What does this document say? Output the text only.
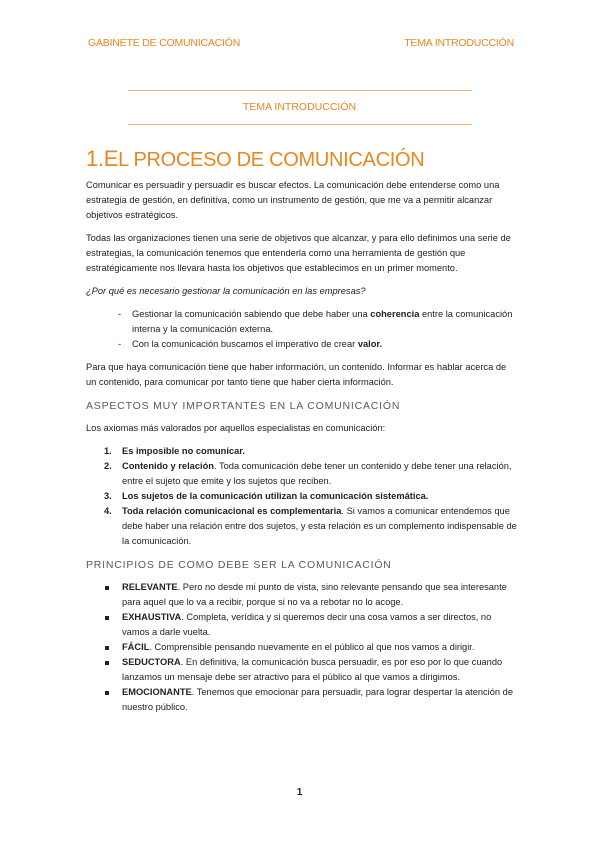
GABINETE DE COMUNICACIÓN	TEMA INTRODUCCIÓN
TEMA INTRODUCCIÓN
1.EL PROCESO DE COMUNICACIÓN

Comunicar es persuadir y persuadir es buscar efectos. La comunicación debe entenderse como una estrategia de gestión, en definitiva, como un instrumento de gestión, que me va a permitir alcanzar objetivos estratégicos.

Todas las organizaciones tienen una serie de objetivos que alcanzar, y para ello definimos una serie de estrategias, la comunicación tenemos que entenderla como una herramienta de gestión que estratégicamente nos llevara hasta los objetivos que establecimos en un primer momento.

¿Por qué es necesario gestionar la comunicación en las empresas?

- Gestionar la comunicación sabiendo que debe haber una coherencia entre la comunicación interna y la comunicación externa.
- Con la comunicación buscamos el imperativo de crear valor.

Para que haya comunicación tiene que haber información, un contenido. Informar es hablar acerca de un contenido, para comunicar por tanto tiene que haber cierta información.

ASPECTOS MUY IMPORTANTES EN LA COMUNICACIÓN

Los axiomas más valorados por aquellos especialistas en comunicación:

1. Es imposible no comunicar.
2. Contenido y relación. Toda comunicación debe tener un contenido y debe tener una relación, entre el sujeto que emite y los sujetos que reciben.
3. Los sujetos de la comunicación utilizan la comunicación sistemática.
4. Toda relación comunicacional es complementaria. Si vamos a comunicar entendemos que debe haber una relación entre dos sujetos, y esta relación es un complemento indispensable de la comunicación.
PRINCIPIOS DE COMO DEBE SER LA COMUNICACIÓN
RELEVANTE. Pero no desde mi punto de vista, sino relevante pensando que sea interesante para aquel que lo va a recibir, porque si no va a rebotar no lo acoge.
EXHAUSTIVA. Completa, verídica y si queremos decir una cosa vamos a ser directos, no vamos a darle vuelta.
FÁCIL. Comprensible pensando nuevamente en el público al que nos vamos a dirigir.
SEDUCTORA. En definitiva, la comunicación busca persuadir, es por eso por lo que cuando lanzamos un mensaje debe ser atractivo para el público al que vamos a dirigimos.
EMOCIONANTE. Tenemos que emocionar para persuadir, para lograr despertar la atención de nuestro público.
1
